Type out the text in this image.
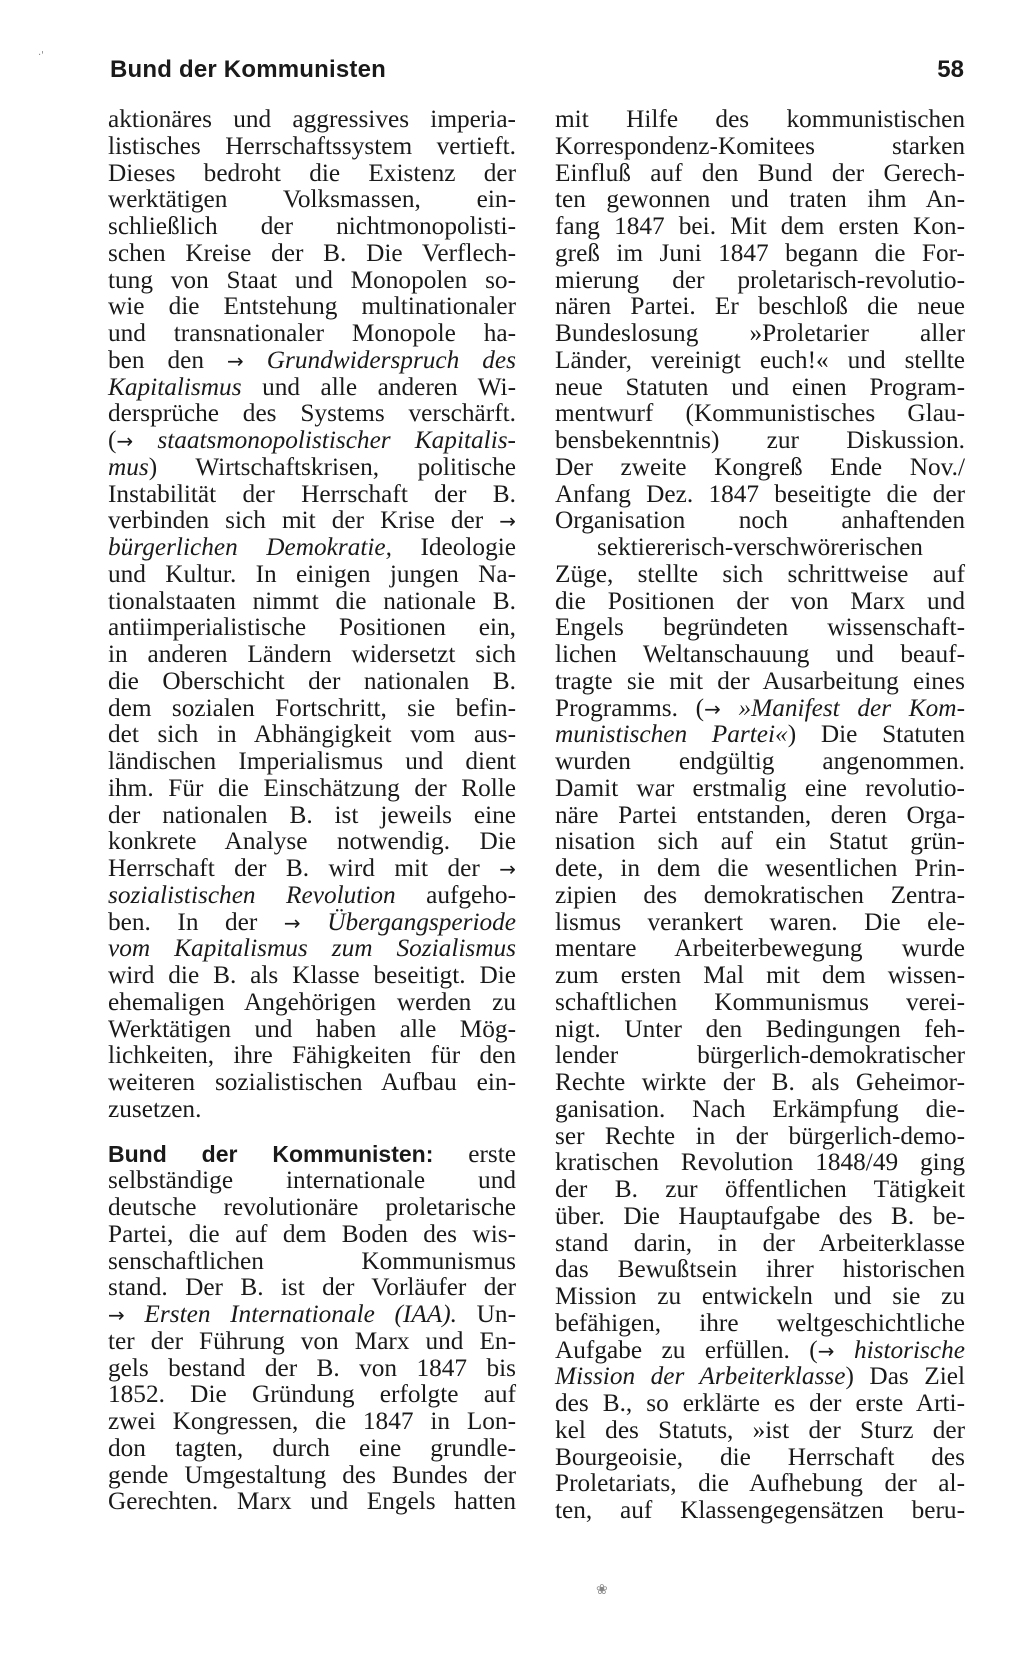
·'
❀
Bund der Kommunisten	58
aktionäres und aggressives imperia-
listisches Herrschaftssystem vertieft.
Dieses bedroht die Existenz der
werktätigen Volksmassen, ein-
schließlich der nichtmonopolisti-
schen Kreise der B. Die Verflech-
tung von Staat und Monopolen so-
wie die Entstehung multinationaler
und transnationaler Monopole ha-
ben den → Grundwiderspruch des
Kapitalismus und alle anderen Wi-
dersprüche des Systems verschärft.
(→ staatsmonopolistischer Kapitalis-
mus) Wirtschaftskrisen, politische
Instabilität der Herrschaft der B.
verbinden sich mit der Krise der →
bürgerlichen Demokratie, Ideologie
und Kultur. In einigen jungen Na-
tionalstaaten nimmt die nationale B.
antiimperialistische Positionen ein,
in anderen Ländern widersetzt sich
die Oberschicht der nationalen B.
dem sozialen Fortschritt, sie befin-
det sich in Abhängigkeit vom aus-
ländischen Imperialismus und dient
ihm. Für die Einschätzung der Rolle
der nationalen B. ist jeweils eine
konkrete Analyse notwendig. Die
Herrschaft der B. wird mit der →
sozialistischen Revolution aufgeho-
ben. In der → Übergangsperiode
vom Kapitalismus zum Sozialismus
wird die B. als Klasse beseitigt. Die
ehemaligen Angehörigen werden zu
Werktätigen und haben alle Mög-
lichkeiten, ihre Fähigkeiten für den
weiteren sozialistischen Aufbau ein-
zusetzen.
Bund der Kommunisten: erste
selbständige internationale und
deutsche revolutionäre proletarische
Partei, die auf dem Boden des wis-
senschaftlichen Kommunismus
stand. Der B. ist der Vorläufer der
→ Ersten Internationale (IAA). Un-
ter der Führung von Marx und En-
gels bestand der B. von 1847 bis
1852. Die Gründung erfolgte auf
zwei Kongressen, die 1847 in Lon-
don tagten, durch eine grundle-
gende Umgestaltung des Bundes der
Gerechten. Marx und Engels hatten
mit Hilfe des kommunistischen
Korrespondenz-Komitees starken
Einfluß auf den Bund der Gerech-
ten gewonnen und traten ihm An-
fang 1847 bei. Mit dem ersten Kon-
greß im Juni 1847 begann die For-
mierung der proletarisch-revolutio-
nären Partei. Er beschloß die neue
Bundeslosung »Proletarier aller
Länder, vereinigt euch!« und stellte
neue Statuten und einen Program-
mentwurf (Kommunistisches Glau-
bensbekenntnis) zur Diskussion.
Der zweite Kongreß Ende Nov./
Anfang Dez. 1847 beseitigte die der
Organisation noch anhaftenden
sektiererisch-verschwörerischen
Züge, stellte sich schrittweise auf
die Positionen der von Marx und
Engels begründeten wissenschaft-
lichen Weltanschauung und beauf-
tragte sie mit der Ausarbeitung eines
Programms. (→ »Manifest der Kom-
munistischen Partei«) Die Statuten
wurden endgültig angenommen.
Damit war erstmalig eine revolutio-
näre Partei entstanden, deren Orga-
nisation sich auf ein Statut grün-
dete, in dem die wesentlichen Prin-
zipien des demokratischen Zentra-
lismus verankert waren. Die ele-
mentare Arbeiterbewegung wurde
zum ersten Mal mit dem wissen-
schaftlichen Kommunismus verei-
nigt. Unter den Bedingungen feh-
lender bürgerlich-demokratischer
Rechte wirkte der B. als Geheimor-
ganisation. Nach Erkämpfung die-
ser Rechte in der bürgerlich-demo-
kratischen Revolution 1848/49 ging
der B. zur öffentlichen Tätigkeit
über. Die Hauptaufgabe des B. be-
stand darin, in der Arbeiterklasse
das Bewußtsein ihrer historischen
Mission zu entwickeln und sie zu
befähigen, ihre weltgeschichtliche
Aufgabe zu erfüllen. (→ historische
Mission der Arbeiterklasse) Das Ziel
des B., so erklärte es der erste Arti-
kel des Statuts, »ist der Sturz der
Bourgeoisie, die Herrschaft des
Proletariats, die Aufhebung der al-
ten, auf Klassengegensätzen beru-
